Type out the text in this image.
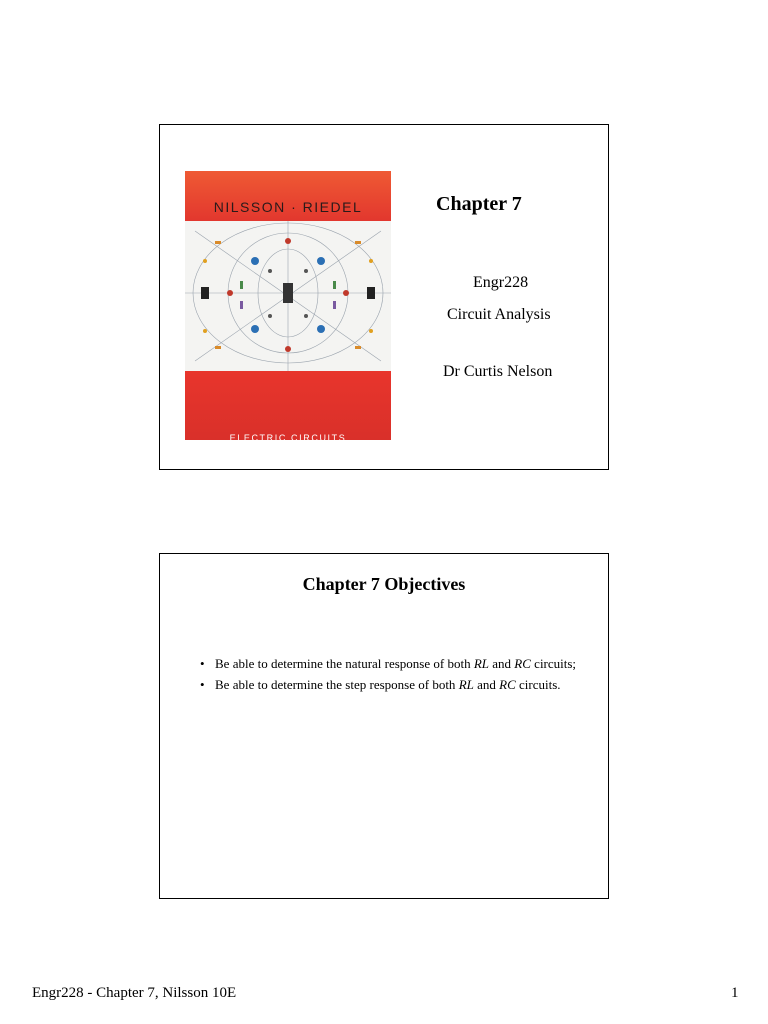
NILSSON · RIEDEL
ELECTRIC CIRCUITS
10th Edition
Chapter 7
Engr228
Circuit Analysis
Dr Curtis Nelson
Chapter 7 Objectives
• Be able to determine the natural response of both RL and RC circuits;
• Be able to determine the step response of both RL and RC circuits.
Engr228 - Chapter 7, Nilsson 10E	1
